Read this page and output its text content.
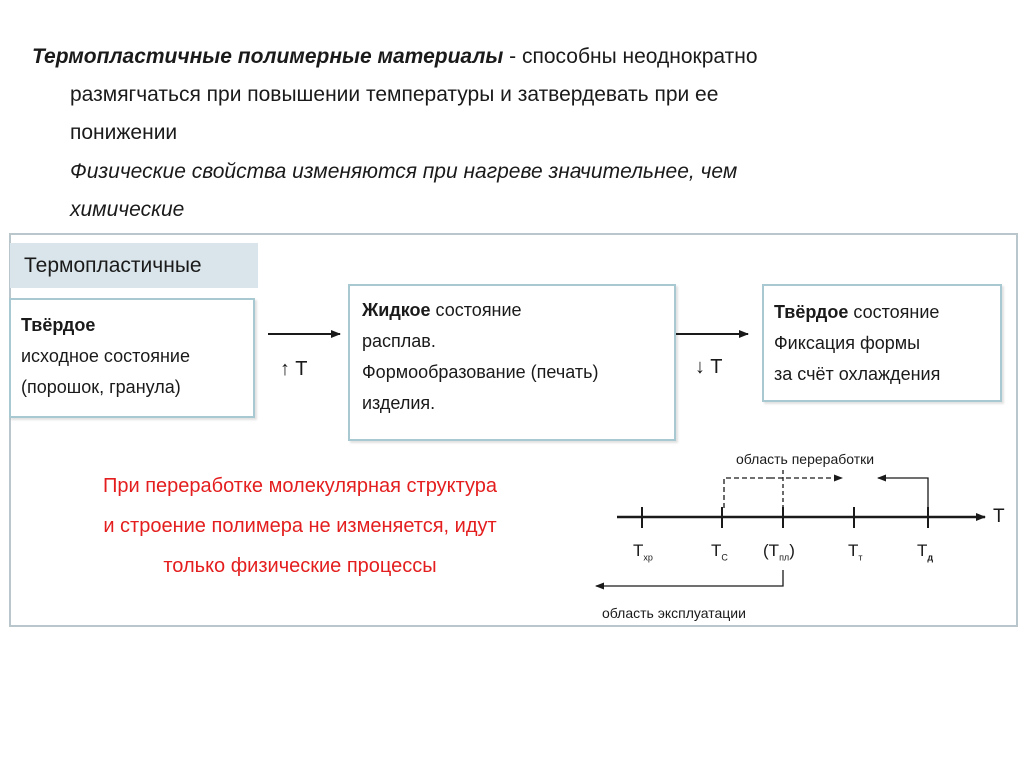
Термопластичные полимерные материалы - способны неоднократно
размягчаться при повышении температуры и затвердевать при ее
понижении
Физические свойства изменяются при нагреве значительнее, чем
химические
Термопластичные
Твёрдое
исходное состояние
(порошок, гранула)
Жидкое состояние
расплав.
Формообразование (печать)
изделия.
Твёрдое состояние
Фиксация формы
за счёт охлаждения
↑ T	↓ T
При переработке молекулярная структура
и строение полимера не изменяется, идут
только физические процессы
область переработки
область эксплуатации
T
$T_{хр}$	$T_С$ $(T_{пл})$	$T_т$	$T_д$
